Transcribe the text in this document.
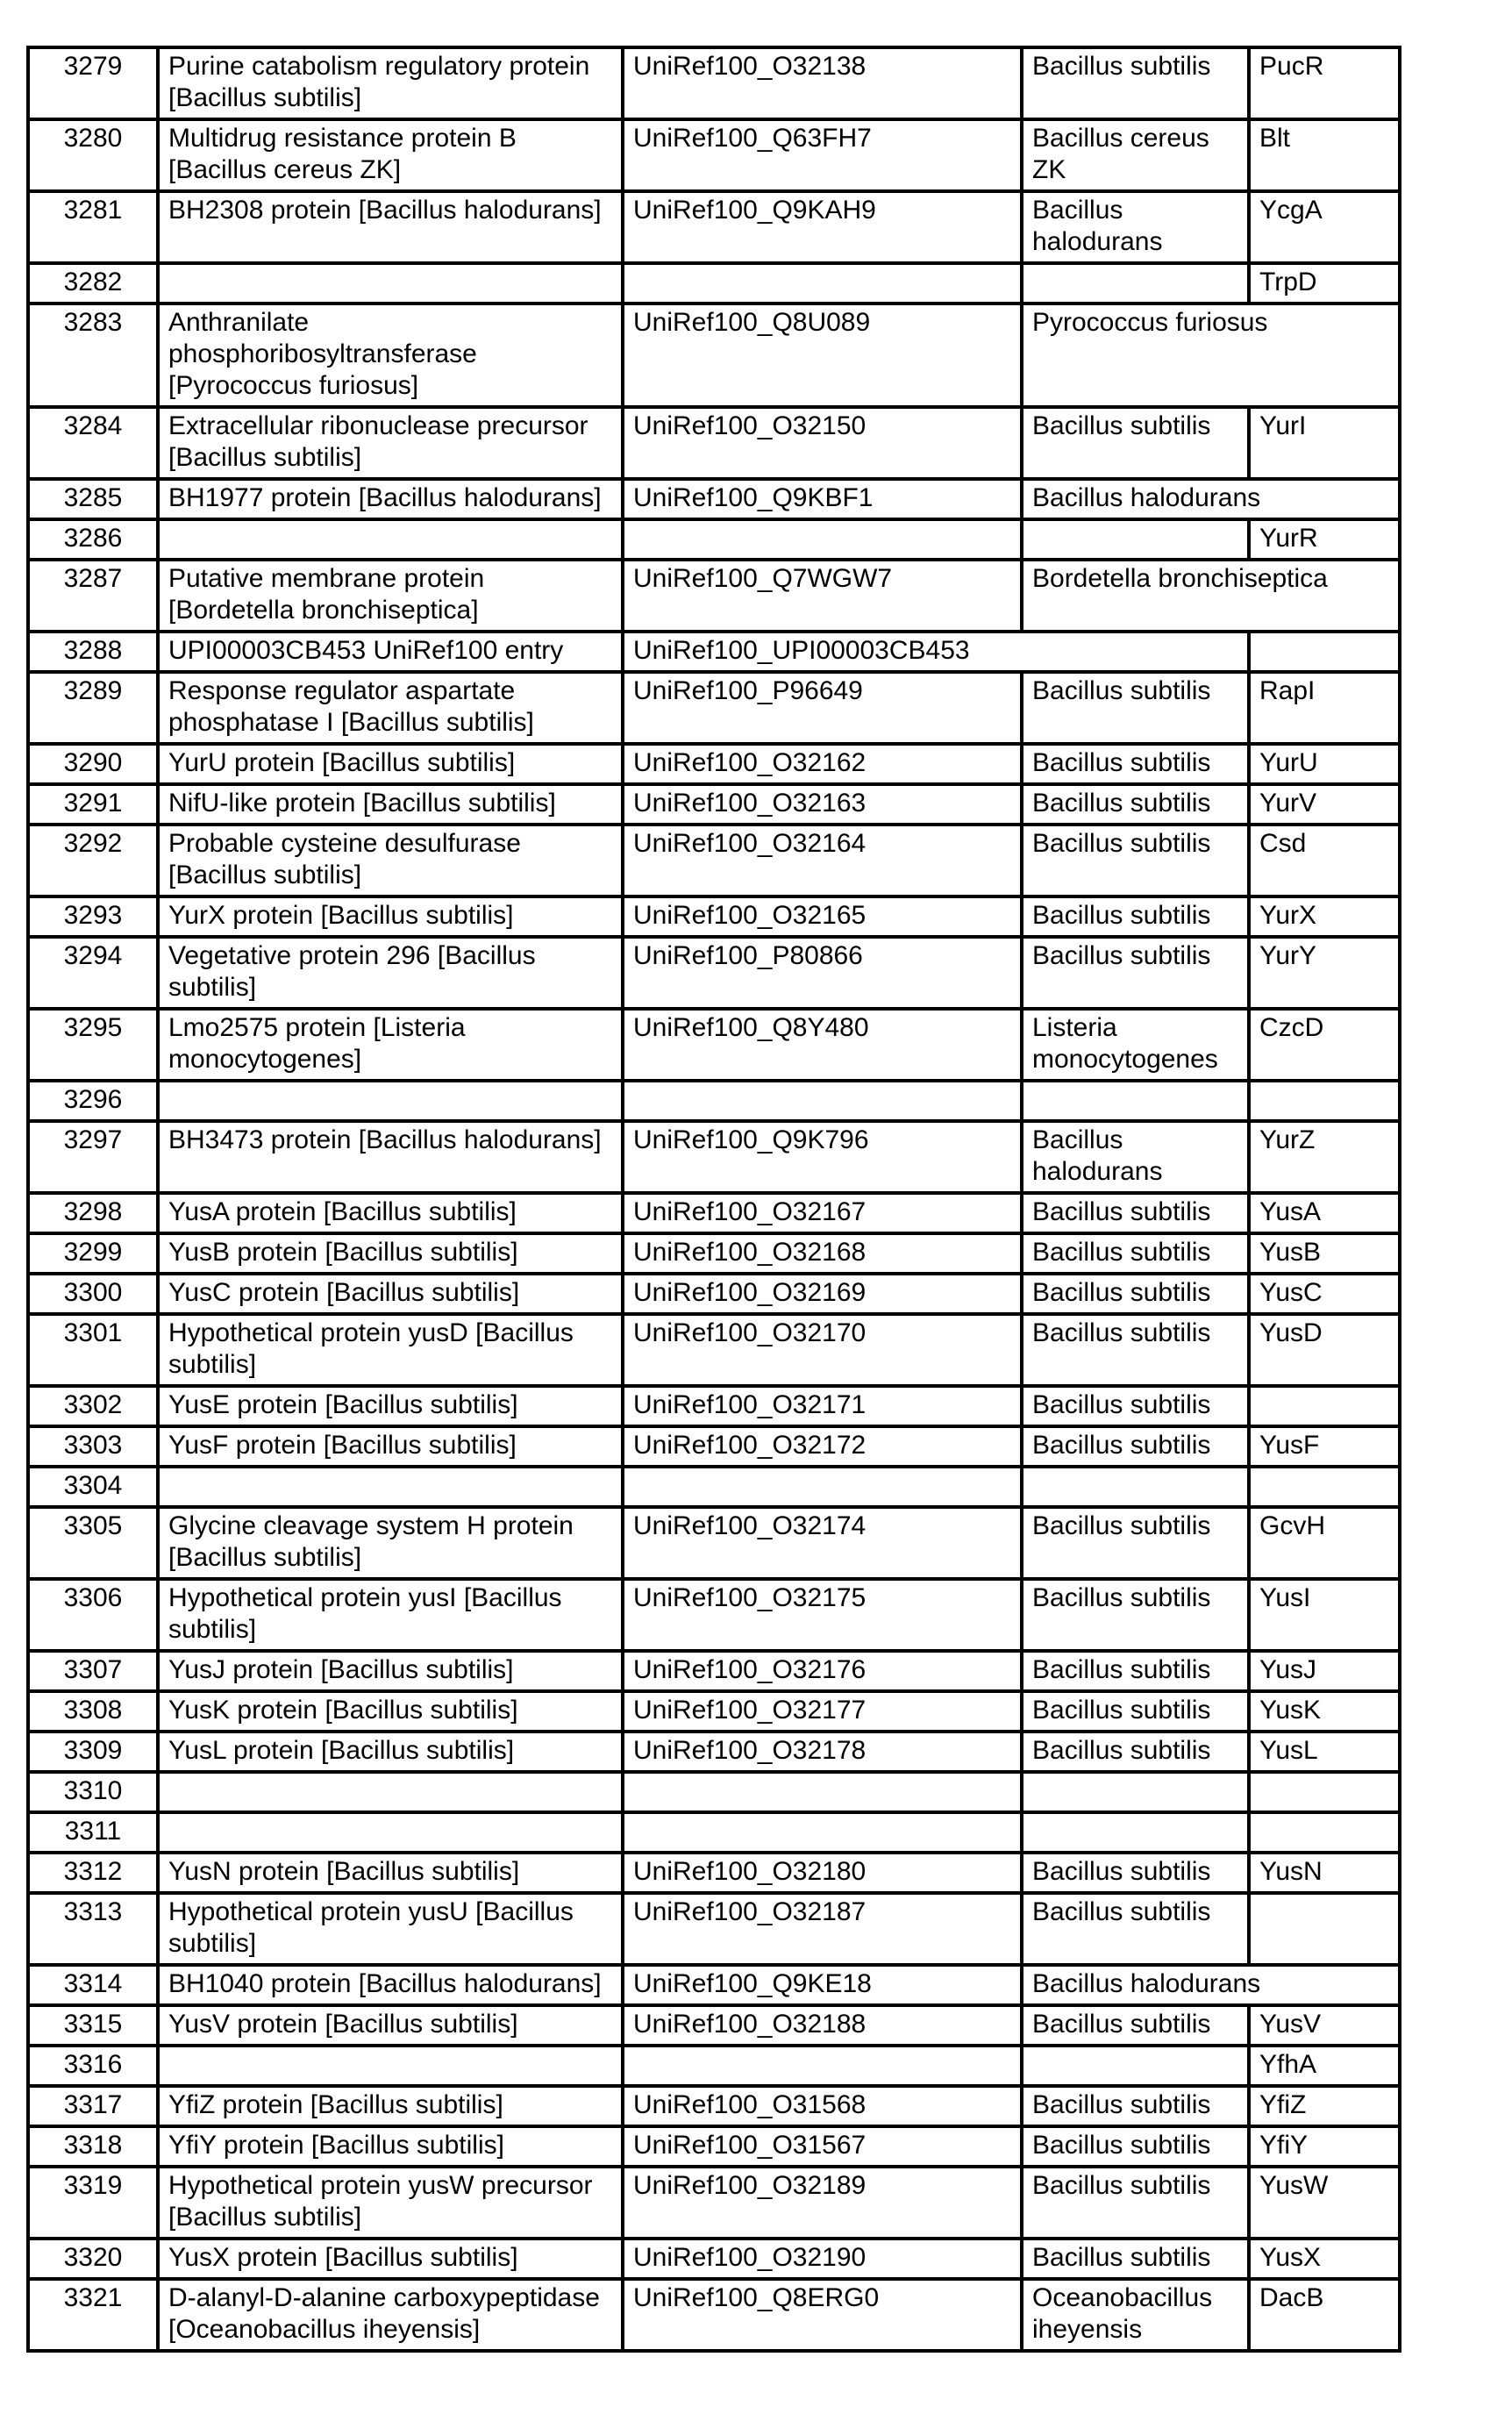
3279	Purine catabolism regulatory protein [Bacillus subtilis]	UniRef100_O32138	Bacillus subtilis	PucR
3280	Multidrug resistance protein B [Bacillus cereus ZK]	UniRef100_Q63FH7	Bacillus cereus ZK	Blt
3281	BH2308 protein [Bacillus halodurans]	UniRef100_Q9KAH9	Bacillus halodurans	YcgA
3282				TrpD
3283	Anthranilate phosphoribosyltransferase [Pyrococcus furiosus]	UniRef100_Q8U089	Pyrococcus furiosus	
3284	Extracellular ribonuclease precursor [Bacillus subtilis]	UniRef100_O32150	Bacillus subtilis	YurI
3285	BH1977 protein [Bacillus halodurans]	UniRef100_Q9KBF1	Bacillus halodurans	
3286				YurR
3287	Putative membrane protein [Bordetella bronchiseptica]	UniRef100_Q7WGW7	Bordetella bronchiseptica	
3288	UPI00003CB453 UniRef100 entry	UniRef100_UPI00003CB453		
3289	Response regulator aspartate phosphatase I [Bacillus subtilis]	UniRef100_P96649	Bacillus subtilis	RapI
3290	YurU protein [Bacillus subtilis]	UniRef100_O32162	Bacillus subtilis	YurU
3291	NifU-like protein [Bacillus subtilis]	UniRef100_O32163	Bacillus subtilis	YurV
3292	Probable cysteine desulfurase [Bacillus subtilis]	UniRef100_O32164	Bacillus subtilis	Csd
3293	YurX protein [Bacillus subtilis]	UniRef100_O32165	Bacillus subtilis	YurX
3294	Vegetative protein 296 [Bacillus subtilis]	UniRef100_P80866	Bacillus subtilis	YurY
3295	Lmo2575 protein [Listeria monocytogenes]	UniRef100_Q8Y480	Listeria monocytogenes	CzcD
3296				
3297	BH3473 protein [Bacillus halodurans]	UniRef100_Q9K796	Bacillus halodurans	YurZ
3298	YusA protein [Bacillus subtilis]	UniRef100_O32167	Bacillus subtilis	YusA
3299	YusB protein [Bacillus subtilis]	UniRef100_O32168	Bacillus subtilis	YusB
3300	YusC protein [Bacillus subtilis]	UniRef100_O32169	Bacillus subtilis	YusC
3301	Hypothetical protein yusD [Bacillus subtilis]	UniRef100_O32170	Bacillus subtilis	YusD
3302	YusE protein [Bacillus subtilis]	UniRef100_O32171	Bacillus subtilis	
3303	YusF protein [Bacillus subtilis]	UniRef100_O32172	Bacillus subtilis	YusF
3304				
3305	Glycine cleavage system H protein [Bacillus subtilis]	UniRef100_O32174	Bacillus subtilis	GcvH
3306	Hypothetical protein yusI [Bacillus subtilis]	UniRef100_O32175	Bacillus subtilis	YusI
3307	YusJ protein [Bacillus subtilis]	UniRef100_O32176	Bacillus subtilis	YusJ
3308	YusK protein [Bacillus subtilis]	UniRef100_O32177	Bacillus subtilis	YusK
3309	YusL protein [Bacillus subtilis]	UniRef100_O32178	Bacillus subtilis	YusL
3310				
3311				
3312	YusN protein [Bacillus subtilis]	UniRef100_O32180	Bacillus subtilis	YusN
3313	Hypothetical protein yusU [Bacillus subtilis]	UniRef100_O32187	Bacillus subtilis	
3314	BH1040 protein [Bacillus halodurans]	UniRef100_Q9KE18	Bacillus halodurans	
3315	YusV protein [Bacillus subtilis]	UniRef100_O32188	Bacillus subtilis	YusV
3316				YfhA
3317	YfiZ protein [Bacillus subtilis]	UniRef100_O31568	Bacillus subtilis	YfiZ
3318	YfiY protein [Bacillus subtilis]	UniRef100_O31567	Bacillus subtilis	YfiY
3319	Hypothetical protein yusW precursor [Bacillus subtilis]	UniRef100_O32189	Bacillus subtilis	YusW
3320	YusX protein [Bacillus subtilis]	UniRef100_O32190	Bacillus subtilis	YusX
3321	D-alanyl-D-alanine carboxypeptidase [Oceanobacillus iheyensis]	UniRef100_Q8ERG0	Oceanobacillus iheyensis	DacB
